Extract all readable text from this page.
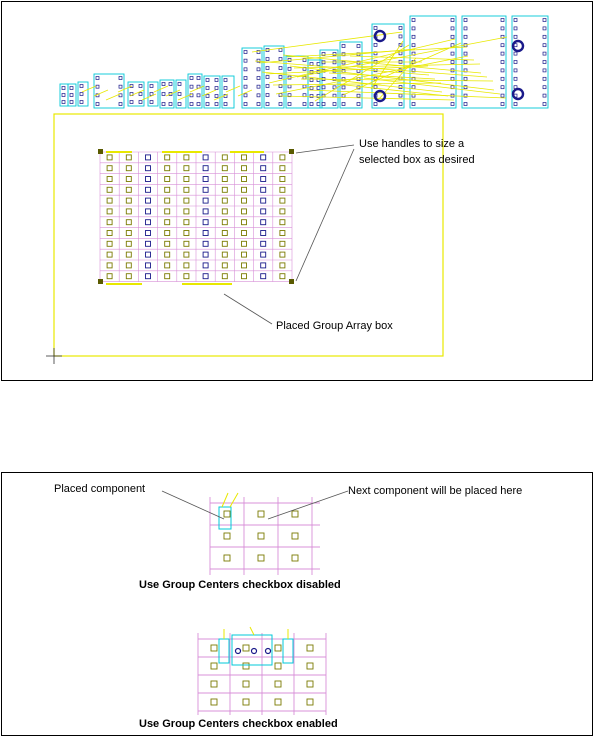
Use handles to size a
selected box as desired
Placed Group Array box
Placed component	Next component will be placed here
Use Group Centers checkbox disabled
Use Group Centers checkbox enabled
